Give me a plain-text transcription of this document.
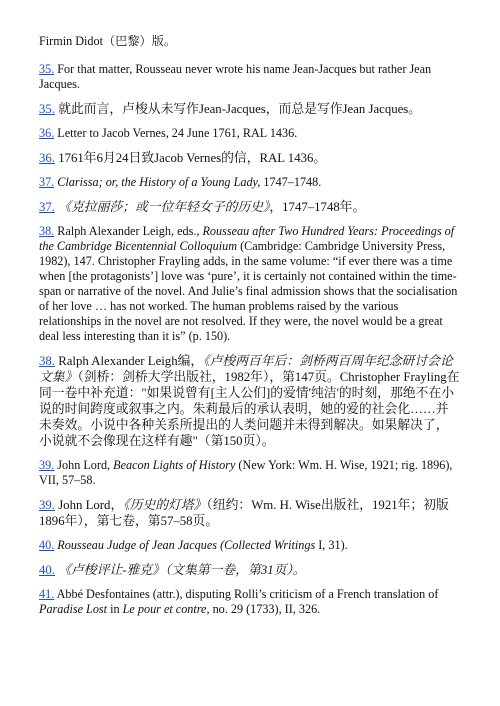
Firmin Didot（巴黎）版。

35. For that matter, Rousseau never wrote his name Jean-Jacques but rather Jean Jacques.

35. 就此而言，卢梭从未写作Jean-Jacques，而总是写作Jean Jacques。

36. Letter to Jacob Vernes, 24 June 1761, RAL 1436.

36. 1761年6月24日致Jacob Vernes的信，RAL 1436。

37. Clarissa; or, the History of a Young Lady, 1747–1748.

37. 《克拉丽莎；或一位年轻女子的历史》，1747–1748年。

38. Ralph Alexander Leigh, eds., Rousseau after Two Hundred Years: Proceedings of the Cambridge Bicentennial Colloquium (Cambridge: Cambridge University Press, 1982), 147. Christopher Frayling adds, in the same volume: “if ever there was a time when [the protagonists’] love was ‘pure’, it is certainly not contained within the time-span or narrative of the novel. And Julie’s final admission shows that the socialisation of her love … has not worked. The human problems raised by the various relationships in the novel are not resolved. If they were, the novel would be a great deal less interesting than it is” (p. 150).

38. Ralph Alexander Leigh编，《卢梭两百年后：剑桥两百周年纪念研讨会论文集》（剑桥：剑桥大学出版社，1982年），第147页。Christopher Frayling在同一卷中补充道："如果说曾有[主人公们]的爱情'纯洁'的时刻，那绝不在小说的时间跨度或叙事之内。朱莉最后的承认表明，她的爱的社会化……并未奏效。小说中各种关系所提出的人类问题并未得到解决。如果解决了，小说就不会像现在这样有趣"（第150页）。

39. John Lord, Beacon Lights of History (New York: Wm. H. Wise, 1921; rig. 1896), VII, 57–58.

39. John Lord，《历史的灯塔》（纽约：Wm. H. Wise出版社，1921年；初版1896年），第七卷，第57–58页。

40. Rousseau Judge of Jean Jacques (Collected Writings I, 31).

40. 《卢梭评让-雅克》（文集第一卷，第31页）。

41. Abbé Desfontaines (attr.), disputing Rolli’s criticism of a French translation of Paradise Lost in Le pour et contre, no. 29 (1733), II, 326.
